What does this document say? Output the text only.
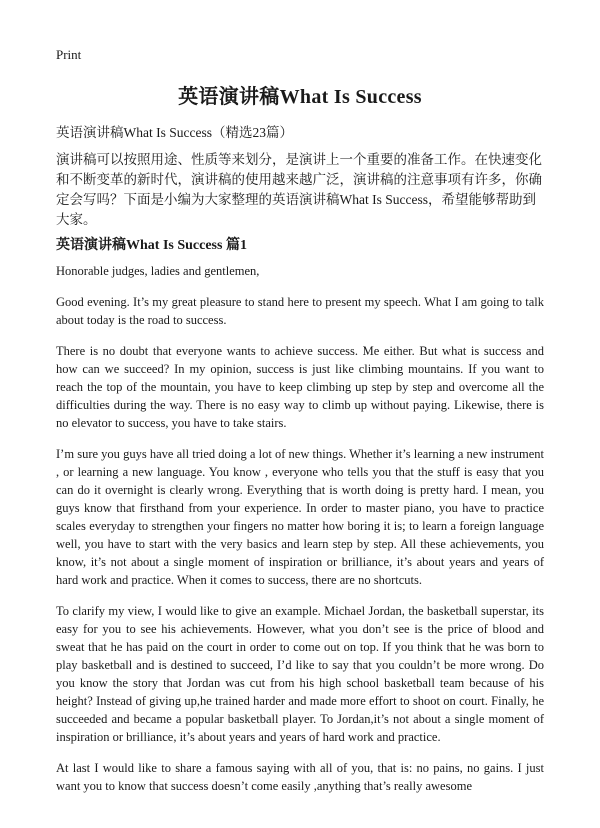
Print
英语演讲稿What Is Success
英语演讲稿What Is Success（精选23篇）
演讲稿可以按照用途、性质等来划分，是演讲上一个重要的准备工作。在快速变化和不断变革的新时代，演讲稿的使用越来越广泛，演讲稿的注意事项有许多，你确定会写吗？下面是小编为大家整理的英语演讲稿What Is Success，希望能够帮助到大家。
英语演讲稿What Is Success 篇1

Honorable judges, ladies and gentlemen,

Good evening. It’s my great pleasure to stand here to present my speech. What I am going to talk about today is the road to success.

There is no doubt that everyone wants to achieve success. Me either. But what is success and how can we succeed? In my opinion, success is just like climbing mountains. If you want to reach the top of the mountain, you have to keep climbing up step by step and overcome all the difficulties during the way. There is no easy way to climb up without paying. Likewise, there is no elevator to success, you have to take stairs.

I’m sure you guys have all tried doing a lot of new things. Whether it’s learning a new instrument , or learning a new language. You know , everyone who tells you that the stuff is easy that you can do it overnight is clearly wrong. Everything that is worth doing is pretty hard. I mean, you guys know that firsthand from your experience. In order to master piano, you have to practice scales everyday to strengthen your fingers no matter how boring it is; to learn a foreign language well, you have to start with the very basics and learn step by step. All these achievements, you know, it’s not about a single moment of inspiration or brilliance, it’s about years and years of hard work and practice. When it comes to success, there are no shortcuts.

To clarify my view, I would like to give an example. Michael Jordan, the basketball superstar, its easy for you to see his achievements. However, what you don’t see is the price of blood and sweat that he has paid on the court in order to come out on top. If you think that he was born to play basketball and is destined to succeed, I’d like to say that you couldn’t be more wrong. Do you know the story that Jordan was cut from his high school basketball team because of his height? Instead of giving up,he trained harder and made more effort to shoot on court. Finally, he succeeded and became a popular basketball player. To Jordan,it’s not about a single moment of inspiration or brilliance, it’s about years and years of hard work and practice.

At last I would like to share a famous saying with all of you, that is: no pains, no gains. I just want you to know that success doesn’t come easily ,anything that’s really awesome
